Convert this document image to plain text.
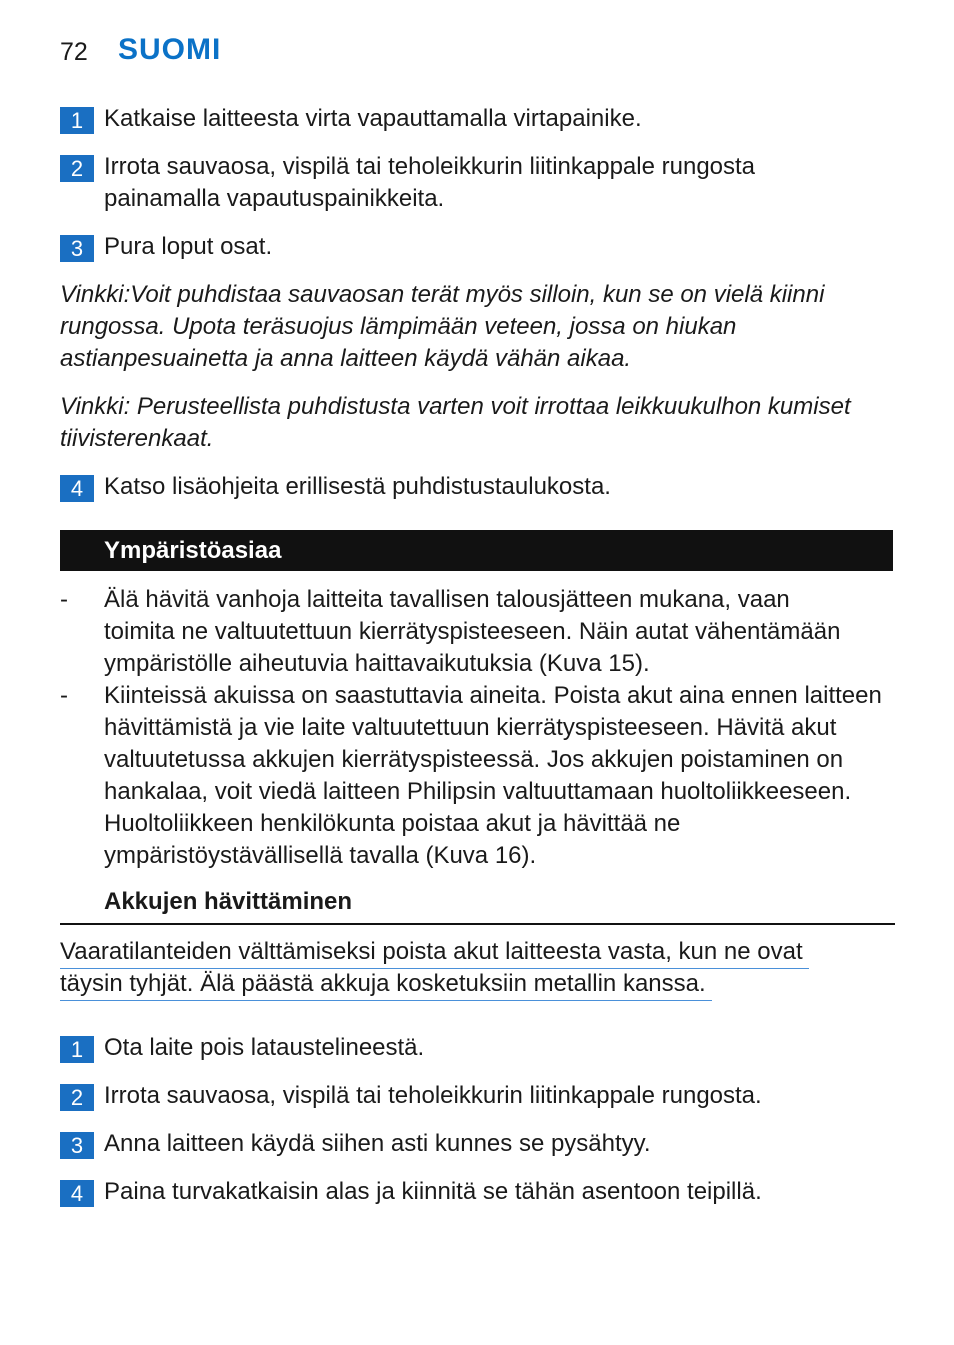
72 SUOMI
1 Katkaise laitteesta virta vapauttamalla virtapainike.
2 Irrota sauvaosa, vispilä tai teholeikkurin liitinkappale rungosta
painamalla vapautuspainikkeita.
3 Pura loput osat.
Vinkki:Voit puhdistaa sauvaosan terät myös silloin, kun se on vielä kiinni
rungossa. Upota teräsuojus lämpimään veteen, jossa on hiukan
astianpesuainetta ja anna laitteen käydä vähän aikaa.
Vinkki: Perusteellista puhdistusta varten voit irrottaa leikkuukulhon kumiset
tiivisterenkaat.
4 Katso lisäohjeita erillisestä puhdistustaulukosta.
Ympäristöasiaa
- Älä hävitä vanhoja laitteita tavallisen talousjätteen mukana, vaan
toimita ne valtuutettuun kierrätyspisteeseen. Näin autat vähentämään
ympäristölle aiheutuvia haittavaikutuksia (Kuva 15).
- Kiinteissä akuissa on saastuttavia aineita. Poista akut aina ennen laitteen
hävittämistä ja vie laite valtuutettuun kierrätyspisteeseen. Hävitä akut
valtuutetussa akkujen kierrätyspisteessä. Jos akkujen poistaminen on
hankalaa, voit viedä laitteen Philipsin valtuuttamaan huoltoliikkeeseen.
Huoltoliikkeen henkilökunta poistaa akut ja hävittää ne
ympäristöystävällisellä tavalla (Kuva 16).
Akkujen hävittäminen
Vaaratilanteiden välttämiseksi poista akut laitteesta vasta, kun ne ovat
täysin tyhjät. Älä päästä akkuja kosketuksiin metallin kanssa.
1 Ota laite pois lataustelineestä.
2 Irrota sauvaosa, vispilä tai teholeikkurin liitinkappale rungosta.
3 Anna laitteen käydä siihen asti kunnes se pysähtyy.
4 Paina turvakatkaisin alas ja kiinnitä se tähän asentoon teipillä.
